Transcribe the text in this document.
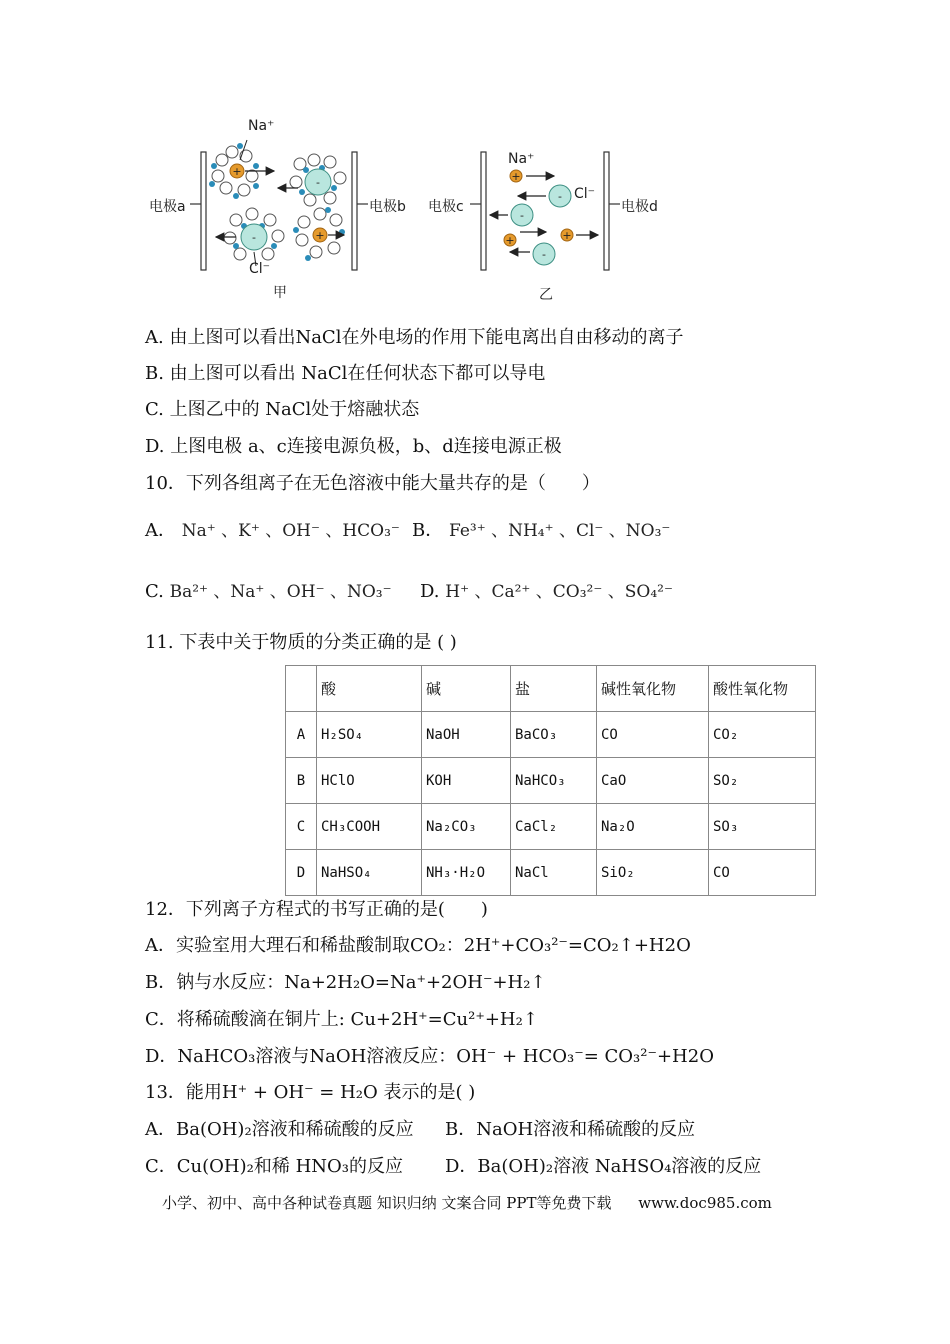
+
+
+
+	+
-
-
-
-
-
Na⁺
Cl⁻
Na⁺
Cl⁻
电极a	电极b 电极c	电极d
甲	乙
A. 由上图可以看出NaCl在外电场的作用下能电离出自由移动的离子
B. 由上图可以看出 NaCl在任何状态下都可以导电
C. 上图乙中的 NaCl处于熔融状态
D. 上图电极 a、c连接电源负极，b、d连接电源正极
10．下列各组离子在无色溶液中能大量共存的是（　　）
A． Na⁺ 、K⁺ 、OH⁻ 、HCO₃⁻ B． Fe³⁺ 、NH₄⁺ 、Cl⁻ 、NO₃⁻
C. Ba²⁺ 、Na⁺ 、OH⁻ 、NO₃⁻ D. H⁺ 、Ca²⁺ 、CO₃²⁻ 、SO₄²⁻
11. 下表中关于物质的分类正确的是 ( )
	酸	碱	盐	碱性氧化物	酸性氧化物
A	H₂SO₄	NaOH	BaCO₃	CO	CO₂
B	HClO	KOH	NaHCO₃	CaO	SO₂
C	CH₃COOH	Na₂CO₃	CaCl₂	Na₂O	SO₃
D	NaHSO₄	NH₃·H₂O	NaCl	SiO₂	CO
12．下列离子方程式的书写正确的是(　　)
A．实验室用大理石和稀盐酸制取CO₂：2H⁺+CO₃²⁻=CO₂↑+H2O
B．钠与水反应：Na+2H₂O=Na⁺+2OH⁻+H₂↑
C．将稀硫酸滴在铜片上: Cu+2H⁺=Cu²⁺+H₂↑
D．NaHCO₃溶液与NaOH溶液反应：OH⁻ + HCO₃⁻= CO₃²⁻+H2O
13．能用H⁺ + OH⁻ = H₂O 表示的是( )
A．Ba(OH)₂溶液和稀硫酸的反应 B．NaOH溶液和稀硫酸的反应
C．Cu(OH)₂和稀 HNO₃的反应 D．Ba(OH)₂溶液 NaHSO₄溶液的反应
小学、初中、高中各种试卷真题 知识归纳 文案合同 PPT等免费下载 www.doc985.com
